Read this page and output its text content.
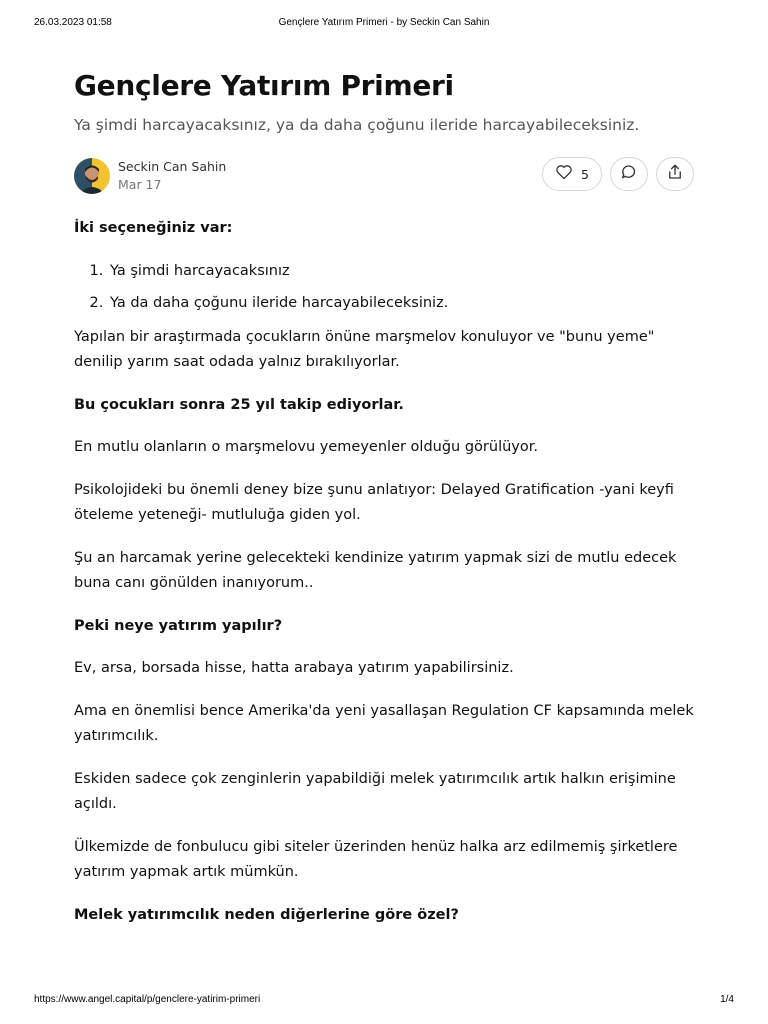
26.03.2023 01:58	Gençlere Yatırım Primeri - by Seckin Can Sahin
Gençlere Yatırım Primeri

Ya şimdi harcayacaksınız, ya da daha çoğunu ileride harcayabileceksiniz.

Seckin Can Sahin
Mar 17
5

İki seçeneğiniz var:

1. Ya şimdi harcayacaksınız
2. Ya da daha çoğunu ileride harcayabileceksiniz.

Yapılan bir araştırmada çocukların önüne marşmelov konuluyor ve "bunu yeme" denilip yarım saat odada yalnız bırakılıyorlar.

Bu çocukları sonra 25 yıl takip ediyorlar.

En mutlu olanların o marşmelovu yemeyenler olduğu görülüyor.

Psikolojideki bu önemli deney bize şunu anlatıyor: Delayed Gratification -yani keyfi öteleme yeteneği- mutluluğa giden yol.

Şu an harcamak yerine gelecekteki kendinize yatırım yapmak sizi de mutlu edecek buna canı gönülden inanıyorum..

Peki neye yatırım yapılır?

Ev, arsa, borsada hisse, hatta arabaya yatırım yapabilirsiniz.

Ama en önemlisi bence Amerika'da yeni yasallaşan Regulation CF kapsamında melek yatırımcılık.

Eskiden sadece çok zenginlerin yapabildiği melek yatırımcılık artık halkın erişimine açıldı.

Ülkemizde de fonbulucu gibi siteler üzerinden henüz halka arz edilmemiş şirketlere yatırım yapmak artık mümkün.

Melek yatırımcılık neden diğerlerine göre özel?

https://www.angel.capital/p/genclere-yatirim-primeri	1/4
